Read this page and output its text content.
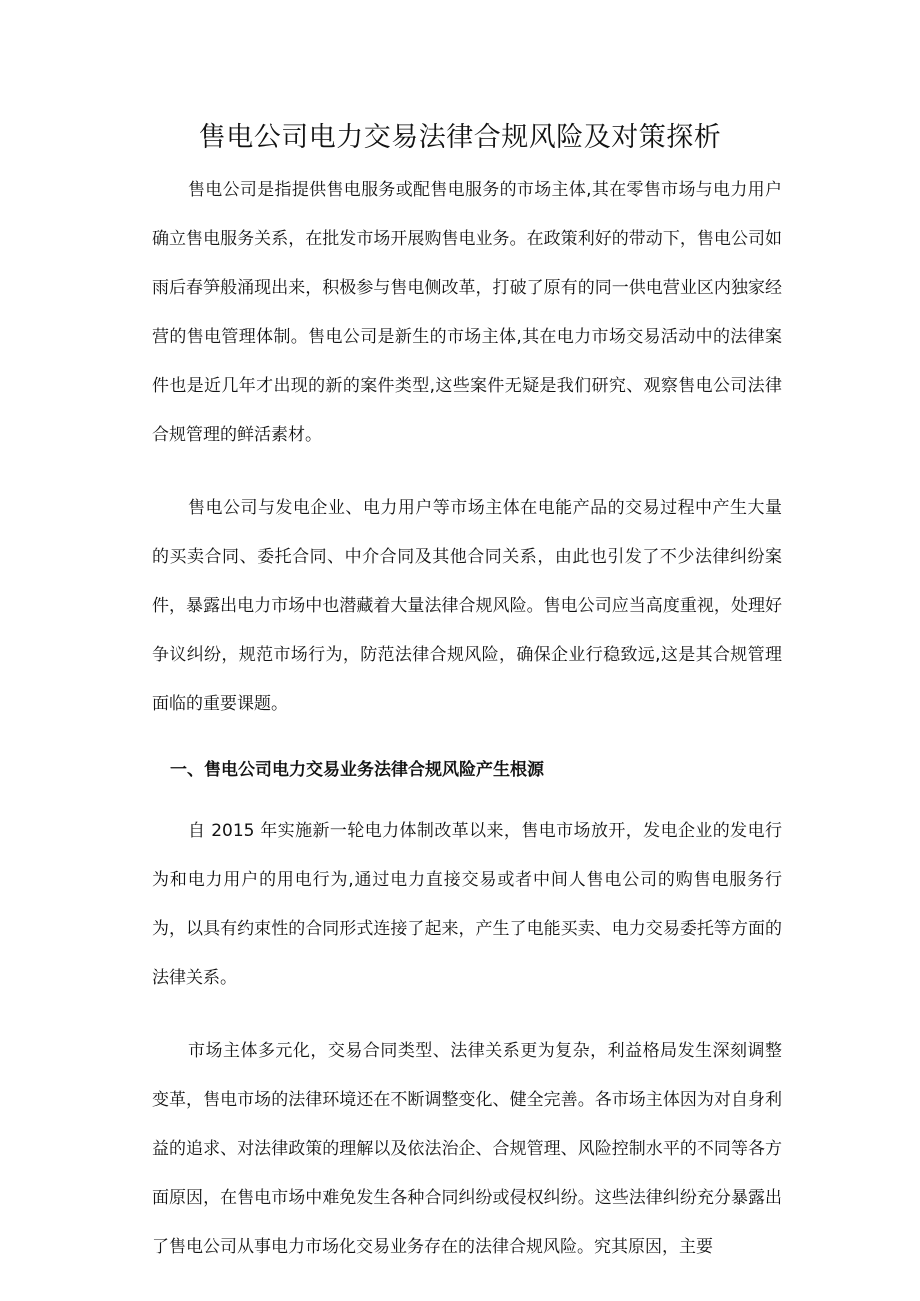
售电公司电力交易法律合规风险及对策探析

售电公司是指提供售电服务或配售电服务的市场主体,其在零售市场与电力用户确立售电服务关系，在批发市场开展购售电业务。在政策利好的带动下，售电公司如雨后春笋般涌现出来，积极参与售电侧改革，打破了原有的同一供电营业区内独家经营的售电管理体制。售电公司是新生的市场主体,其在电力市场交易活动中的法律案件也是近几年才出现的新的案件类型,这些案件无疑是我们研究、观察售电公司法律合规管理的鲜活素材。

售电公司与发电企业、电力用户等市场主体在电能产品的交易过程中产生大量的买卖合同、委托合同、中介合同及其他合同关系，由此也引发了不少法律纠纷案件，暴露出电力市场中也潜藏着大量法律合规风险。售电公司应当高度重视，处理好争议纠纷，规范市场行为，防范法律合规风险，确保企业行稳致远,这是其合规管理面临的重要课题。

一、售电公司电力交易业务法律合规风险产生根源

自 2015 年实施新一轮电力体制改革以来，售电市场放开，发电企业的发电行为和电力用户的用电行为,通过电力直接交易或者中间人售电公司的购售电服务行为，以具有约束性的合同形式连接了起来，产生了电能买卖、电力交易委托等方面的法律关系。

市场主体多元化，交易合同类型、法律关系更为复杂，利益格局发生深刻调整变革，售电市场的法律环境还在不断调整变化、健全完善。各市场主体因为对自身利益的追求、对法律政策的理解以及依法治企、合规管理、风险控制水平的不同等各方面原因，在售电市场中难免发生各种合同纠纷或侵权纠纷。这些法律纠纷充分暴露出了售电公司从事电力市场化交易业务存在的法律合规风险。究其原因，主要
